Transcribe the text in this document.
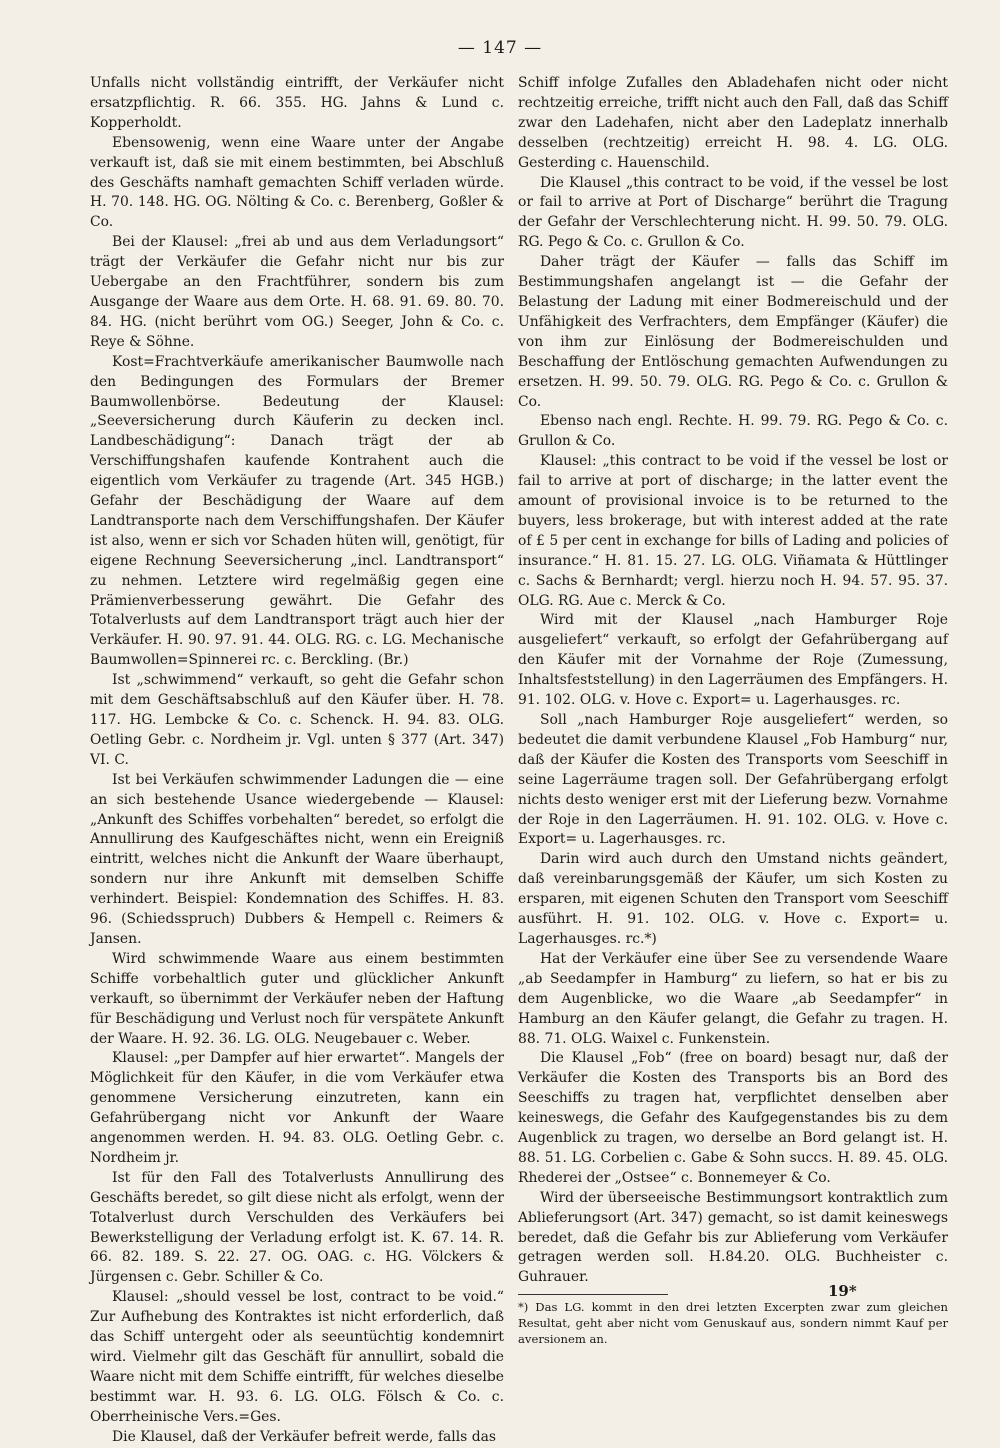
— 147 —

Unfalls nicht vollständig eintrifft, der Verkäufer nicht ersatzpflichtig. R. 66. 355. HG. Jahns & Lund c. Kopperholdt.

Ebensowenig, wenn eine Waare unter der Angabe verkauft ist, daß sie mit einem bestimmten, bei Abschluß des Geschäfts namhaft gemachten Schiff verladen würde. H. 70. 148. HG. OG. Nölting & Co. c. Berenberg, Goßler & Co.

Bei der Klausel: „frei ab und aus dem Verladungsort“ trägt der Verkäufer die Gefahr nicht nur bis zur Uebergabe an den Frachtführer, sondern bis zum Ausgange der Waare aus dem Orte. H. 68. 91. 69. 80. 70. 84. HG. (nicht berührt vom OG.) Seeger, John & Co. c. Reye & Söhne.

Kost=Frachtverkäufe amerikanischer Baumwolle nach den Bedingungen des Formulars der Bremer Baumwollenbörse. Bedeutung der Klausel: „Seeversicherung durch Käuferin zu decken incl. Landbeschädigung“: Danach trägt der ab Verschiffungshafen kaufende Kontrahent auch die eigentlich vom Verkäufer zu tragende (Art. 345 HGB.) Gefahr der Beschädigung der Waare auf dem Landtransporte nach dem Verschiffungshafen. Der Käufer ist also, wenn er sich vor Schaden hüten will, genötigt, für eigene Rechnung Seeversicherung „incl. Landtransport“ zu nehmen. Letztere wird regelmäßig gegen eine Prämienverbesserung gewährt. Die Gefahr des Totalverlusts auf dem Landtransport trägt auch hier der Verkäufer. H. 90. 97. 91. 44. OLG. RG. c. LG. Mechanische Baumwollen=Spinnerei rc. c. Berckling. (Br.)

Ist „schwimmend“ verkauft, so geht die Gefahr schon mit dem Geschäftsabschluß auf den Käufer über. H. 78. 117. HG. Lembcke & Co. c. Schenck. H. 94. 83. OLG. Oetling Gebr. c. Nordheim jr. Vgl. unten § 377 (Art. 347) VI. C.

Ist bei Verkäufen schwimmender Ladungen die — eine an sich bestehende Usance wiedergebende — Klausel: „Ankunft des Schiffes vorbehalten“ beredet, so erfolgt die Annullirung des Kaufgeschäftes nicht, wenn ein Ereigniß eintritt, welches nicht die Ankunft der Waare überhaupt, sondern nur ihre Ankunft mit demselben Schiffe verhindert. Beispiel: Kondemnation des Schiffes. H. 83. 96. (Schiedsspruch) Dubbers & Hempell c. Reimers & Jansen.

Wird schwimmende Waare aus einem bestimmten Schiffe vorbehaltlich guter und glücklicher Ankunft verkauft, so übernimmt der Verkäufer neben der Haftung für Beschädigung und Verlust noch für verspätete Ankunft der Waare. H. 92. 36. LG. OLG. Neugebauer c. Weber.

Klausel: „per Dampfer auf hier erwartet“. Mangels der Möglichkeit für den Käufer, in die vom Verkäufer etwa genommene Versicherung einzutreten, kann ein Gefahrübergang nicht vor Ankunft der Waare angenommen werden. H. 94. 83. OLG. Oetling Gebr. c. Nordheim jr.

Ist für den Fall des Totalverlusts Annullirung des Geschäfts beredet, so gilt diese nicht als erfolgt, wenn der Totalverlust durch Verschulden des Verkäufers bei Bewerkstelligung der Verladung erfolgt ist. K. 67. 14. R. 66. 82. 189. S. 22. 27. OG. OAG. c. HG. Völckers & Jürgensen c. Gebr. Schiller & Co.

Klausel: „should vessel be lost, contract to be void.“ Zur Aufhebung des Kontraktes ist nicht erforderlich, daß das Schiff untergeht oder als seeuntüchtig kondemnirt wird. Vielmehr gilt das Geschäft für annullirt, sobald die Waare nicht mit dem Schiffe eintrifft, für welches dieselbe bestimmt war. H. 93. 6. LG. OLG. Fölsch & Co. c. Oberrheinische Vers.=Ges.

Die Klausel, daß der Verkäufer befreit werde, falls das

Schiff infolge Zufalles den Abladehafen nicht oder nicht rechtzeitig erreiche, trifft nicht auch den Fall, daß das Schiff zwar den Ladehafen, nicht aber den Ladeplatz innerhalb desselben (rechtzeitig) erreicht H. 98. 4. LG. OLG. Gesterding c. Hauenschild.

Die Klausel „this contract to be void, if the vessel be lost or fail to arrive at Port of Discharge“ berührt die Tragung der Gefahr der Verschlechterung nicht. H. 99. 50. 79. OLG. RG. Pego & Co. c. Grullon & Co.

Daher trägt der Käufer — falls das Schiff im Bestimmungshafen angelangt ist — die Gefahr der Belastung der Ladung mit einer Bodmereischuld und der Unfähigkeit des Verfrachters, dem Empfänger (Käufer) die von ihm zur Einlösung der Bodmereischulden und Beschaffung der Entlöschung gemachten Aufwendungen zu ersetzen. H. 99. 50. 79. OLG. RG. Pego & Co. c. Grullon & Co.

Ebenso nach engl. Rechte. H. 99. 79. RG. Pego & Co. c. Grullon & Co.

Klausel: „this contract to be void if the vessel be lost or fail to arrive at port of discharge; in the latter event the amount of provisional invoice is to be returned to the buyers, less brokerage, but with interest added at the rate of £ 5 per cent in exchange for bills of Lading and policies of insurance.“ H. 81. 15. 27. LG. OLG. Viñamata & Hüttlinger c. Sachs & Bernhardt; vergl. hierzu noch H. 94. 57. 95. 37. OLG. RG. Aue c. Merck & Co.

Wird mit der Klausel „nach Hamburger Roje ausgeliefert“ verkauft, so erfolgt der Gefahrübergang auf den Käufer mit der Vornahme der Roje (Zumessung, Inhaltsfeststellung) in den Lagerräumen des Empfängers. H. 91. 102. OLG. v. Hove c. Export= u. Lagerhausges. rc.

Soll „nach Hamburger Roje ausgeliefert“ werden, so bedeutet die damit verbundene Klausel „Fob Hamburg“ nur, daß der Käufer die Kosten des Transports vom Seeschiff in seine Lagerräume tragen soll. Der Gefahrübergang erfolgt nichts desto weniger erst mit der Lieferung bezw. Vornahme der Roje in den Lagerräumen. H. 91. 102. OLG. v. Hove c. Export= u. Lagerhausges. rc.

Darin wird auch durch den Umstand nichts geändert, daß vereinbarungsgemäß der Käufer, um sich Kosten zu ersparen, mit eigenen Schuten den Transport vom Seeschiff ausführt. H. 91. 102. OLG. v. Hove c. Export= u. Lagerhausges. rc.*)

Hat der Verkäufer eine über See zu versendende Waare „ab Seedampfer in Hamburg“ zu liefern, so hat er bis zu dem Augenblicke, wo die Waare „ab Seedampfer“ in Hamburg an den Käufer gelangt, die Gefahr zu tragen. H. 88. 71. OLG. Waixel c. Funkenstein.

Die Klausel „Fob“ (free on board) besagt nur, daß der Verkäufer die Kosten des Transports bis an Bord des Seeschiffs zu tragen hat, verpflichtet denselben aber keineswegs, die Gefahr des Kaufgegenstandes bis zu dem Augenblick zu tragen, wo derselbe an Bord gelangt ist. H. 88. 51. LG. Corbelien c. Gabe & Sohn succs. H. 89. 45. OLG. Rhederei der „Ostsee“ c. Bonnemeyer & Co.

Wird der überseeische Bestimmungsort kontraktlich zum Ablieferungsort (Art. 347) gemacht, so ist damit keineswegs beredet, daß die Gefahr bis zur Ablieferung vom Verkäufer getragen werden soll. H.84.20. OLG. Buchheister c. Guhrauer.

*) Das LG. kommt in den drei letzten Excerpten zwar zum gleichen Resultat, geht aber nicht vom Genuskauf aus, sondern nimmt Kauf per aversionem an.

19*
